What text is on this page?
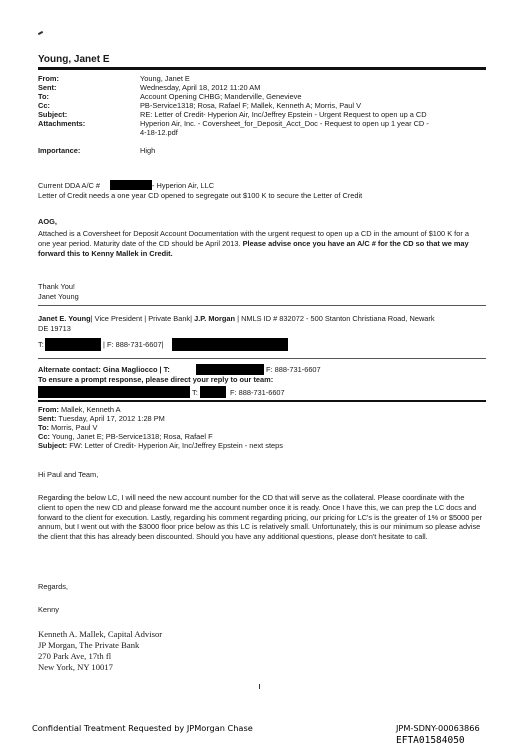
Young, Janet E
From:	Young, Janet E
Sent:	Wednesday, April 18, 2012 11:20 AM
To:	Account Opening CHBG; Manderville, Genevieve
Cc:	PB-Service1318; Rosa, Rafael F; Mallek, Kenneth A; Morris, Paul V
Subject:	RE: Letter of Credit- Hyperion Air, Inc/Jeffrey Epstein - Urgent Request to open up a CD
Attachments:	Hyperion Air, Inc. - Coversheet_for_Deposit_Acct_Doc - Request to open up 1 year CD -
4-18-12.pdf
Importance:	High
Current DDA A/C #	- Hyperion Air, LLC
Letter of Credit needs a one year CD opened to segregate out $100 K to secure the Letter of Credit
AOG,
Attached is a Coversheet for Deposit Account Documentation with the urgent request to open up a CD in the amount of $100 K for a one year period. Maturity date of the CD should be April 2013. Please advise once you have an A/C # for the CD so that we may forward this to Kenny Mallek in Credit.
Thank You!
Janet Young
Janet E. Young| Vice President | Private Bank| J.P. Morgan | NMLS ID # 832072 - 500 Stanton Christiana Road, Newark
DE 19713
T:	| F: 888-731-6607|
Alternate contact: Gina Magliocco | T:	F: 888-731-6607
To ensure a prompt response, please direct your reply to our team:
T:	F: 888-731-6607
From: Mallek, Kenneth A
Sent: Tuesday, April 17, 2012 1:28 PM
To: Morris, Paul V
Cc: Young, Janet E; PB-Service1318; Rosa, Rafael F
Subject: FW: Letter of Credit- Hyperion Air, Inc/Jeffrey Epstein - next steps
Hi Paul and Team,
Regarding the below LC, I will need the new account number for the CD that will serve as the collateral. Please coordinate with the client to open the new CD and please forward me the account number once it is ready. Once I have this, we can prep the LC docs and forward to the client for execution. Lastly, regarding his comment regarding pricing, our pricing for LC's is the greater of 1% or $5000 per annum, but I went out with the $3000 floor price below as this LC is relatively small. Unfortunately, this is our minimum so please advise the client that this has already been discounted. Should you have any additional questions, please don't hesitate to call.
Regards,
Kenny
Kenneth A. Mallek, Capital Advisor
JP Morgan, The Private Bank
270 Park Ave, 17th fl
New York, NY 10017
Confidential Treatment Requested by JPMorgan Chase	JPM-SDNY-00063866
EFTA01584050
